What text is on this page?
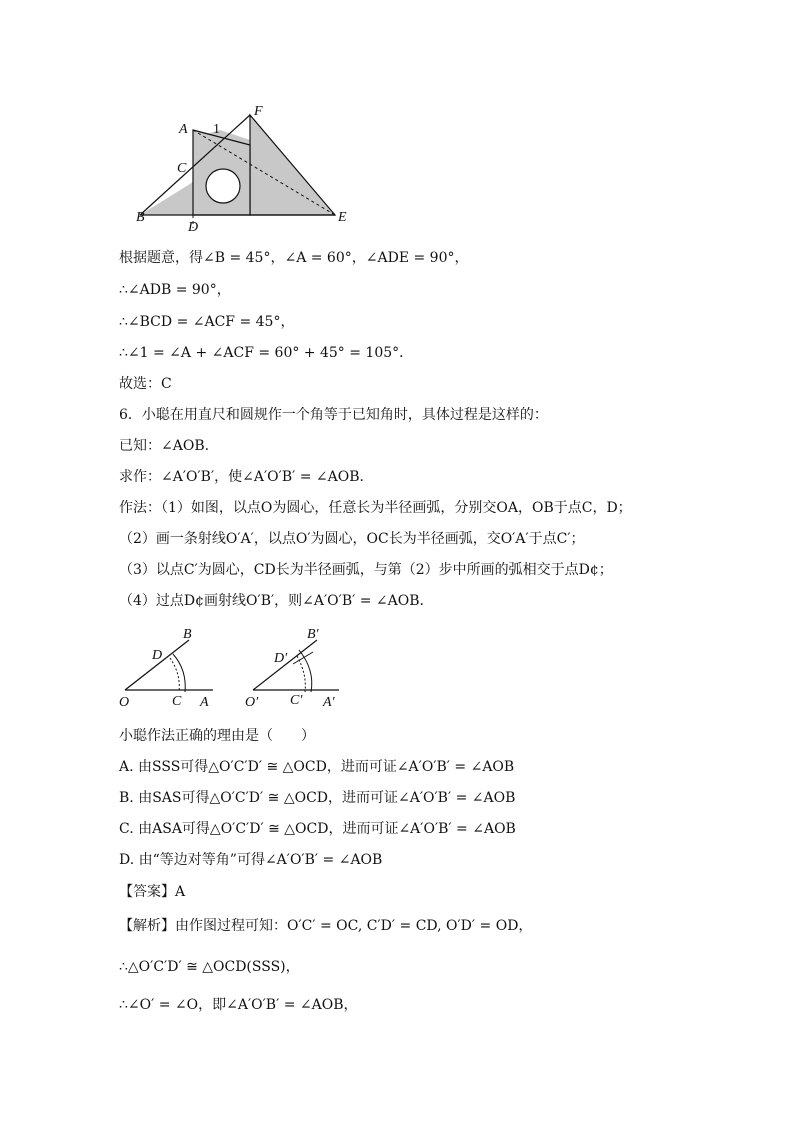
A
F
1
C
B
D
E
根据题意，得∠B = 45°，∠A = 60°，∠ADE = 90°，
∴∠ADB = 90°，
∴∠BCD = ∠ACF = 45°，
∴∠1 = ∠A + ∠ACF = 60° + 45° = 105°．
故选：C
6．小聪在用直尺和圆规作一个角等于已知角时，具体过程是这样的：
已知：∠AOB．
求作：∠A′O′B′，使∠A′O′B′ = ∠AOB．
作法：（1）如图，以点O为圆心，任意长为半径画弧，分别交OA，OB于点C，D；
（2）画一条射线O′A′，以点O′为圆心，OC长为半径画弧，交O′A′于点C′；
（3）以点C′为圆心，CD长为半径画弧，与第（2）步中所画的弧相交于点D¢；
（4）过点D¢画射线O′B′，则∠A′O′B′ = ∠AOB．
B
D
O	C A
B′
D′
O′ C′ A′
小聪作法正确的理由是（　　）
A. 由SSS可得△O′C′D′ ≅ △OCD，进而可证∠A′O′B′ = ∠AOB
B. 由SAS可得△O′C′D′ ≅ △OCD，进而可证∠A′O′B′ = ∠AOB
C. 由ASA可得△O′C′D′ ≅ △OCD，进而可证∠A′O′B′ = ∠AOB
D. 由“等边对等角”可得∠A′O′B′ = ∠AOB
【答案】A
【解析】由作图过程可知：O′C′ = OC, C′D′ = CD, O′D′ = OD，
∴△O′C′D′ ≅ △OCD(SSS)，
∴∠O′ = ∠O，即∠A′O′B′ = ∠AOB，
